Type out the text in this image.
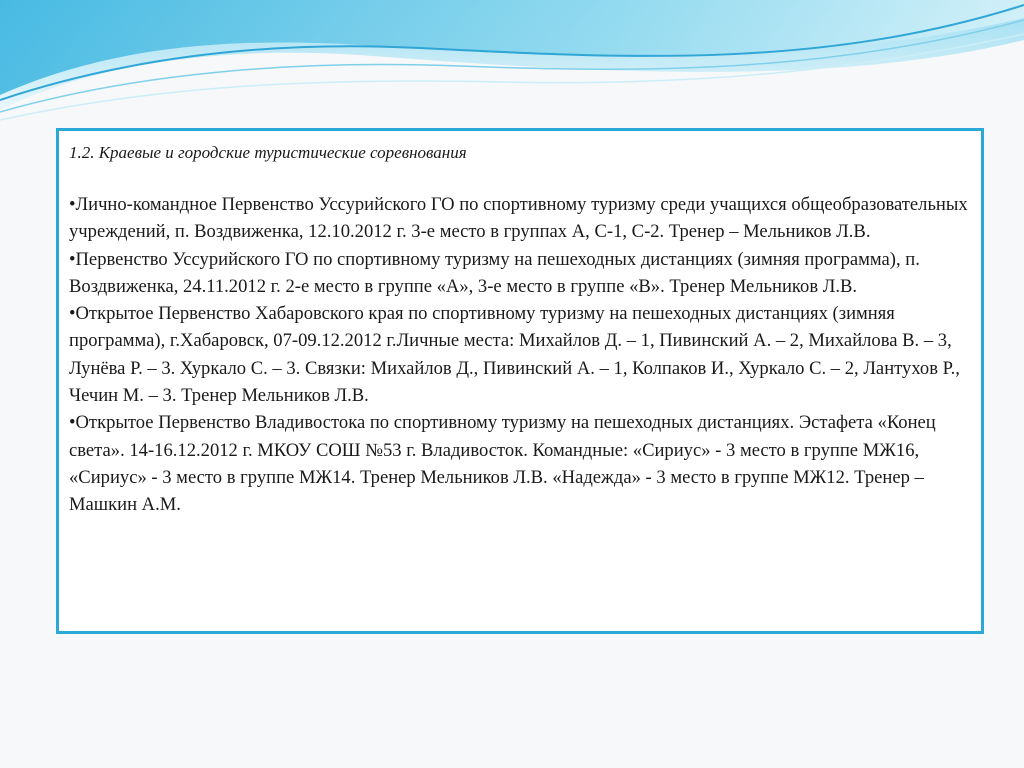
1.2. Краевые и городские туристические соревнования

•Лично-командное Первенство Уссурийского ГО по спортивному туризму среди учащихся общеобразовательных учреждений, п. Воздвиженка, 12.10.2012 г. 3-е место в группах А, С-1, С-2. Тренер – Мельников Л.В.

•Первенство Уссурийского ГО по спортивному туризму на пешеходных дистанциях (зимняя программа), п. Воздвиженка, 24.11.2012 г. 2-е место в группе «А», 3-е место в группе «В». Тренер Мельников Л.В.

•Открытое Первенство Хабаровского края по спортивному туризму на пешеходных дистанциях (зимняя программа), г.Хабаровск, 07-09.12.2012 г.Личные места: Михайлов Д. – 1, Пивинский А. – 2, Михайлова В. – 3, Лунёва Р. – 3. Хуркало С. – 3. Связки: Михайлов Д., Пивинский А. – 1, Колпаков И., Хуркало С. – 2, Лантухов Р., Чечин М. – 3. Тренер Мельников Л.В.

•Открытое Первенство Владивостока по спортивному туризму на пешеходных дистанциях. Эстафета «Конец света». 14-16.12.2012 г. МКОУ СОШ №53 г. Владивосток. Командные: «Сириус» - 3 место в группе МЖ16, «Сириус» - 3 место в группе МЖ14. Тренер Мельников Л.В. «Надежда» - 3 место в группе МЖ12. Тренер – Машкин А.М.
